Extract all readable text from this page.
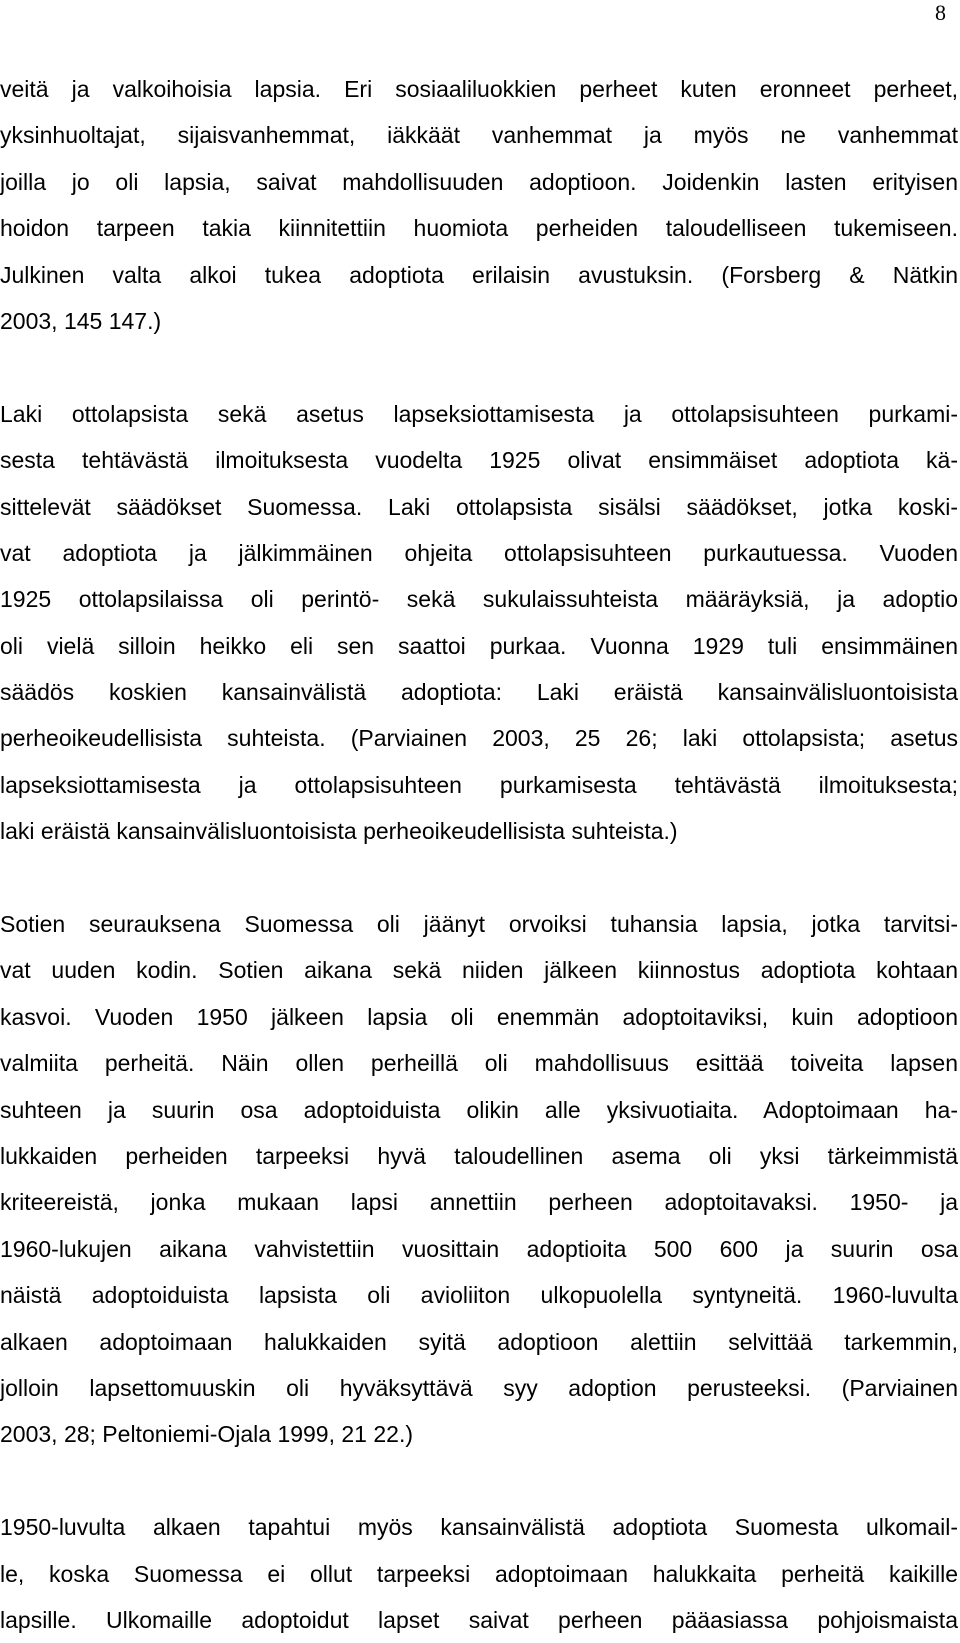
8
veitä ja valkoihoisia lapsia. Eri sosiaaliluokkien perheet kuten eronneet perheet,
yksinhuoltajat, sijaisvanhemmat, iäkkäät vanhemmat ja myös ne vanhemmat
joilla jo oli lapsia, saivat mahdollisuuden adoptioon. Joidenkin lasten erityisen
hoidon tarpeen takia kiinnitettiin huomiota perheiden taloudelliseen tukemiseen.
Julkinen valta alkoi tukea adoptiota erilaisin avustuksin. (Forsberg & Nätkin
2003, 145 147.)
Laki ottolapsista sekä asetus lapseksiottamisesta ja ottolapsisuhteen purkami-
sesta tehtävästä ilmoituksesta vuodelta 1925 olivat ensimmäiset adoptiota kä-
sittelevät säädökset Suomessa. Laki ottolapsista sisälsi säädökset, jotka koski-
vat adoptiota ja jälkimmäinen ohjeita ottolapsisuhteen purkautuessa. Vuoden
1925 ottolapsilaissa oli perintö- sekä sukulaissuhteista määräyksiä, ja adoptio
oli vielä silloin heikko eli sen saattoi purkaa. Vuonna 1929 tuli ensimmäinen
säädös koskien kansainvälistä adoptiota: Laki eräistä kansainvälisluontoisista
perheoikeudellisista suhteista. (Parviainen 2003, 25 26; laki ottolapsista; asetus
lapseksiottamisesta ja ottolapsisuhteen purkamisesta tehtävästä ilmoituksesta;
laki eräistä kansainvälisluontoisista perheoikeudellisista suhteista.)
Sotien seurauksena Suomessa oli jäänyt orvoiksi tuhansia lapsia, jotka tarvitsi-
vat uuden kodin. Sotien aikana sekä niiden jälkeen kiinnostus adoptiota kohtaan
kasvoi. Vuoden 1950 jälkeen lapsia oli enemmän adoptoitaviksi, kuin adoptioon
valmiita perheitä. Näin ollen perheillä oli mahdollisuus esittää toiveita lapsen
suhteen ja suurin osa adoptoiduista olikin alle yksivuotiaita. Adoptoimaan ha-
lukkaiden perheiden tarpeeksi hyvä taloudellinen asema oli yksi tärkeimmistä
kriteereistä, jonka mukaan lapsi annettiin perheen adoptoitavaksi. 1950- ja
1960-lukujen aikana vahvistettiin vuosittain adoptioita 500 600 ja suurin osa
näistä adoptoiduista lapsista oli avioliiton ulkopuolella syntyneitä. 1960-luvulta
alkaen adoptoimaan halukkaiden syitä adoptioon alettiin selvittää tarkemmin,
jolloin lapsettomuuskin oli hyväksyttävä syy adoption perusteeksi. (Parviainen
2003, 28; Peltoniemi-Ojala 1999, 21 22.)
1950-luvulta alkaen tapahtui myös kansainvälistä adoptiota Suomesta ulkomail-
le, koska Suomessa ei ollut tarpeeksi adoptoimaan halukkaita perheitä kaikille
lapsille. Ulkomaille adoptoidut lapset saivat perheen pääasiassa pohjoismaista
